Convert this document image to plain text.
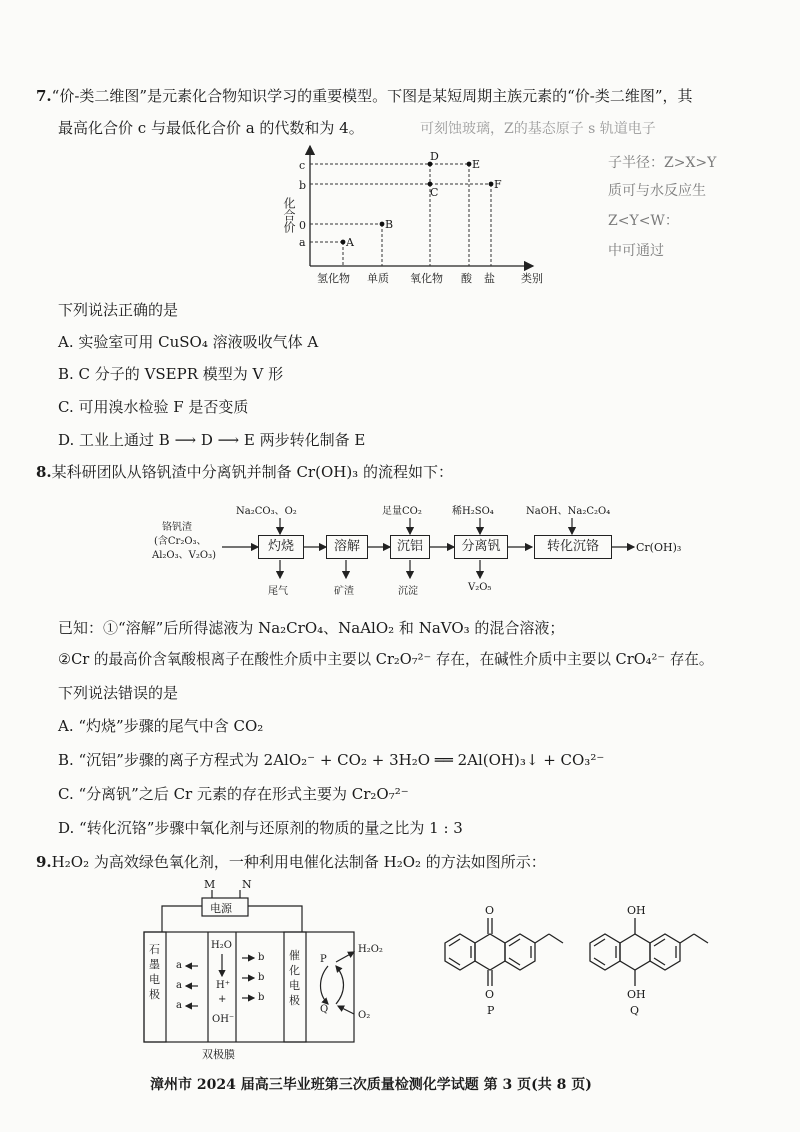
7.“价-类二维图”是元素化合物知识学习的重要模型。下图是某短周期主族元素的“价-类二维图”，其
最高化合价 c 与最低化合价 a 的代数和为 4。	可刻蚀玻璃，Z的基态原子 s 轨道电子
子半径：Z>X>Y
质可与水反应生
Z<Y<W：
中可通过
化合价
c
b
0
a	A
B
C
D
E
F
氢化物 单质 氧化物 酸 盐 类别
下列说法正确的是
A. 实验室可用 CuSO₄ 溶液吸收气体 A
B. C 分子的 VSEPR 模型为 V 形
C. 可用溴水检验 F 是否变质
D. 工业上通过 B ⟶ D ⟶ E 两步转化制备 E
8.某科研团队从铬钒渣中分离钒并制备 Cr(OH)₃ 的流程如下：
铬钒渣
(含Cr₂O₃、
Al₂O₃、V₂O₃)
Na₂CO₃、O₂	足量CO₂	稀H₂SO₄	NaOH、Na₂C₂O₄
灼烧	溶解	沉铝	分离钒	转化沉铬	Cr(OH)₃
尾气	矿渣	沉淀	V₂O₅
已知：①“溶解”后所得滤液为 Na₂CrO₄、NaAlO₂ 和 NaVO₃ 的混合溶液；
②Cr 的最高价含氧酸根离子在酸性介质中主要以 Cr₂O₇²⁻ 存在，在碱性介质中主要以 CrO₄²⁻ 存在。
下列说法错误的是
A. “灼烧”步骤的尾气中含 CO₂
B. “沉铝”步骤的离子方程式为 2AlO₂⁻ + CO₂ + 3H₂O ══ 2Al(OH)₃↓ + CO₃²⁻
C. “分离钒”之后 Cr 元素的存在形式主要为 Cr₂O₇²⁻
D. “转化沉铬”步骤中氧化剂与还原剂的物质的量之比为 1 : 3
9.H₂O₂ 为高效绿色氧化剂，一种利用电催化法制备 H₂O₂ 的方法如图所示：
M N
电源
石
墨
电
极
催
化
电
极
a
a
a
b
b
b
H₂O
H⁺
+
OH⁻
P
Q
H₂O₂
O₂
双极膜
O
O
P
OH
OH
Q
漳州市 2024 届高三毕业班第三次质量检测化学试题 第 3 页(共 8 页)
